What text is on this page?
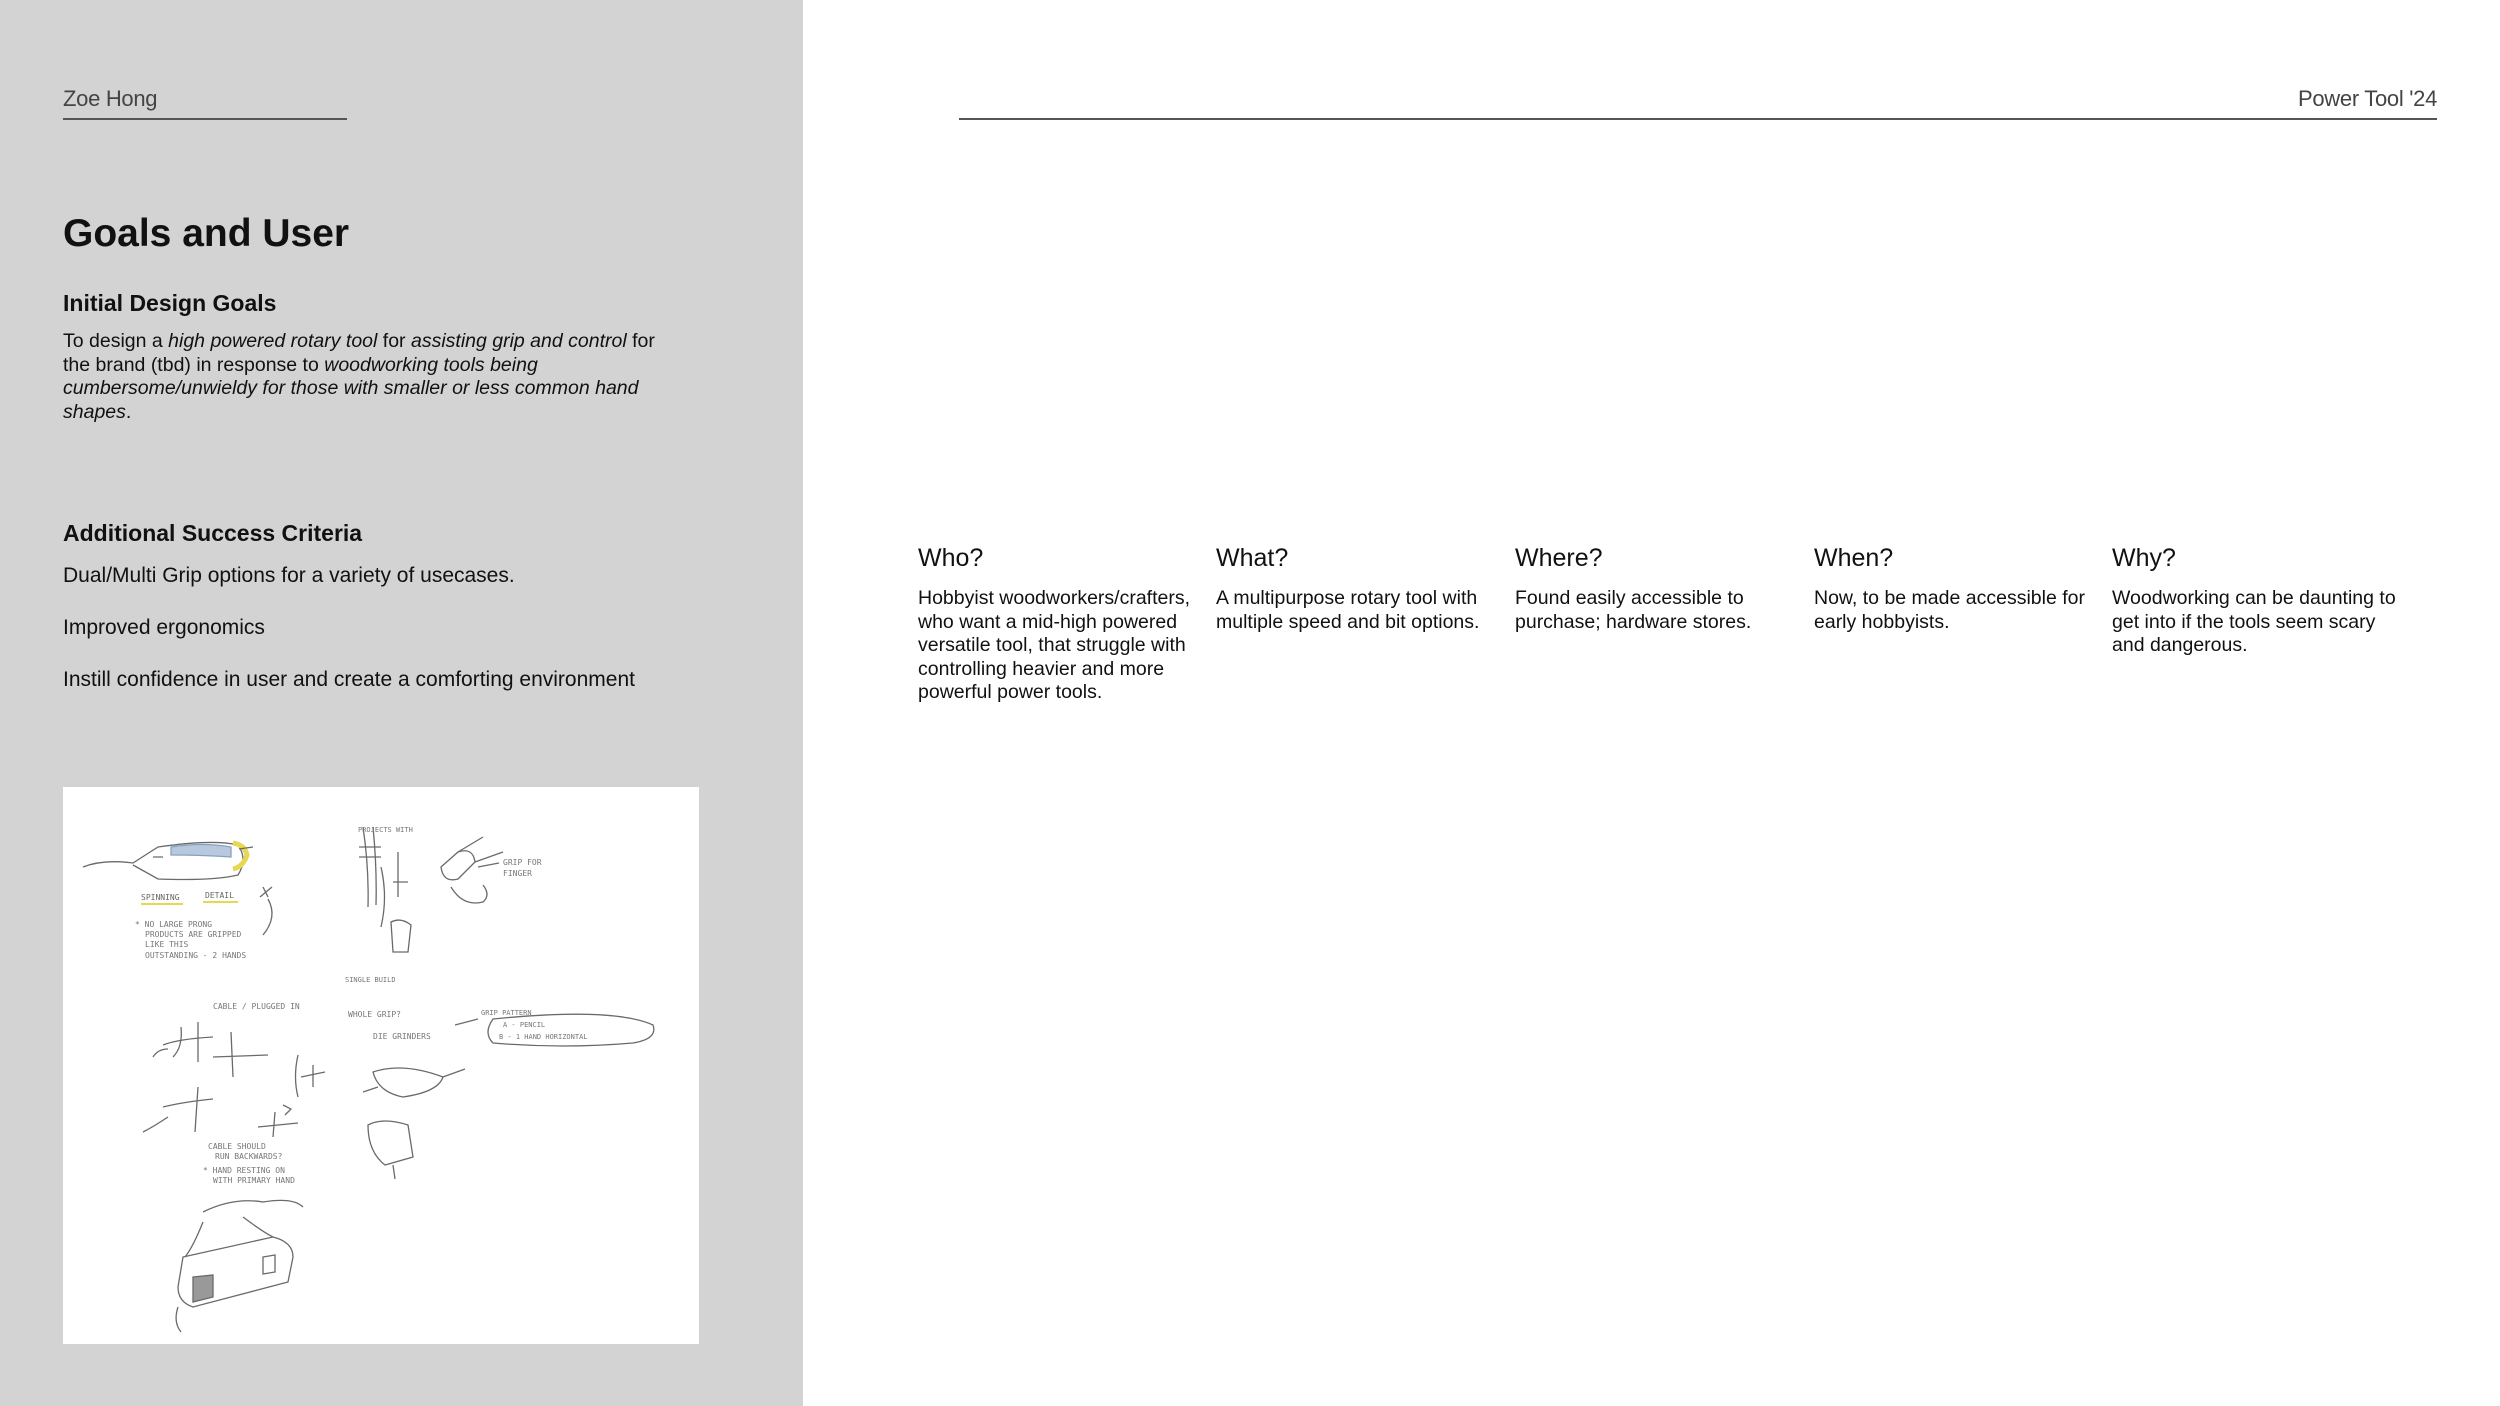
Zoe Hong	Power Tool '24
Goals and User
Initial Design Goals
To design a high powered rotary tool for assisting grip and control for the brand (tbd) in response to woodworking tools being cumbersome/unwieldy for those with smaller or less common hand shapes.
Additional Success Criteria
Dual/Multi Grip options for a variety of usecases.
Improved ergonomics
Instill confidence in user and create a comforting environment
SPINNING	DETAIL
* NO LARGE PRONG
PRODUCTS ARE GRIPPED
LIKE THIS
OUTSTANDING - 2 HANDS
PROJECTS WITH
GRIP FOR
FINGER
SINGLE BUILD
CABLE / PLUGGED IN
CABLE SHOULD
RUN BACKWARDS?
* HAND RESTING ON
WITH PRIMARY HAND
WHOLE GRIP?
DIE GRINDERS
GRIP PATTERN
A - PENCIL
B - 1 HAND HORIZONTAL
Who?
Hobbyist woodworkers/crafters, who want a mid-high powered versatile tool, that struggle with controlling heavier and more powerful power tools.
What?
A multipurpose rotary tool with multiple speed and bit options.
Where?
Found easily accessible to purchase; hardware stores.
When?
Now, to be made accessible for early hobbyists.
Why?
Woodworking can be daunting to get into if the tools seem scary and dangerous.
